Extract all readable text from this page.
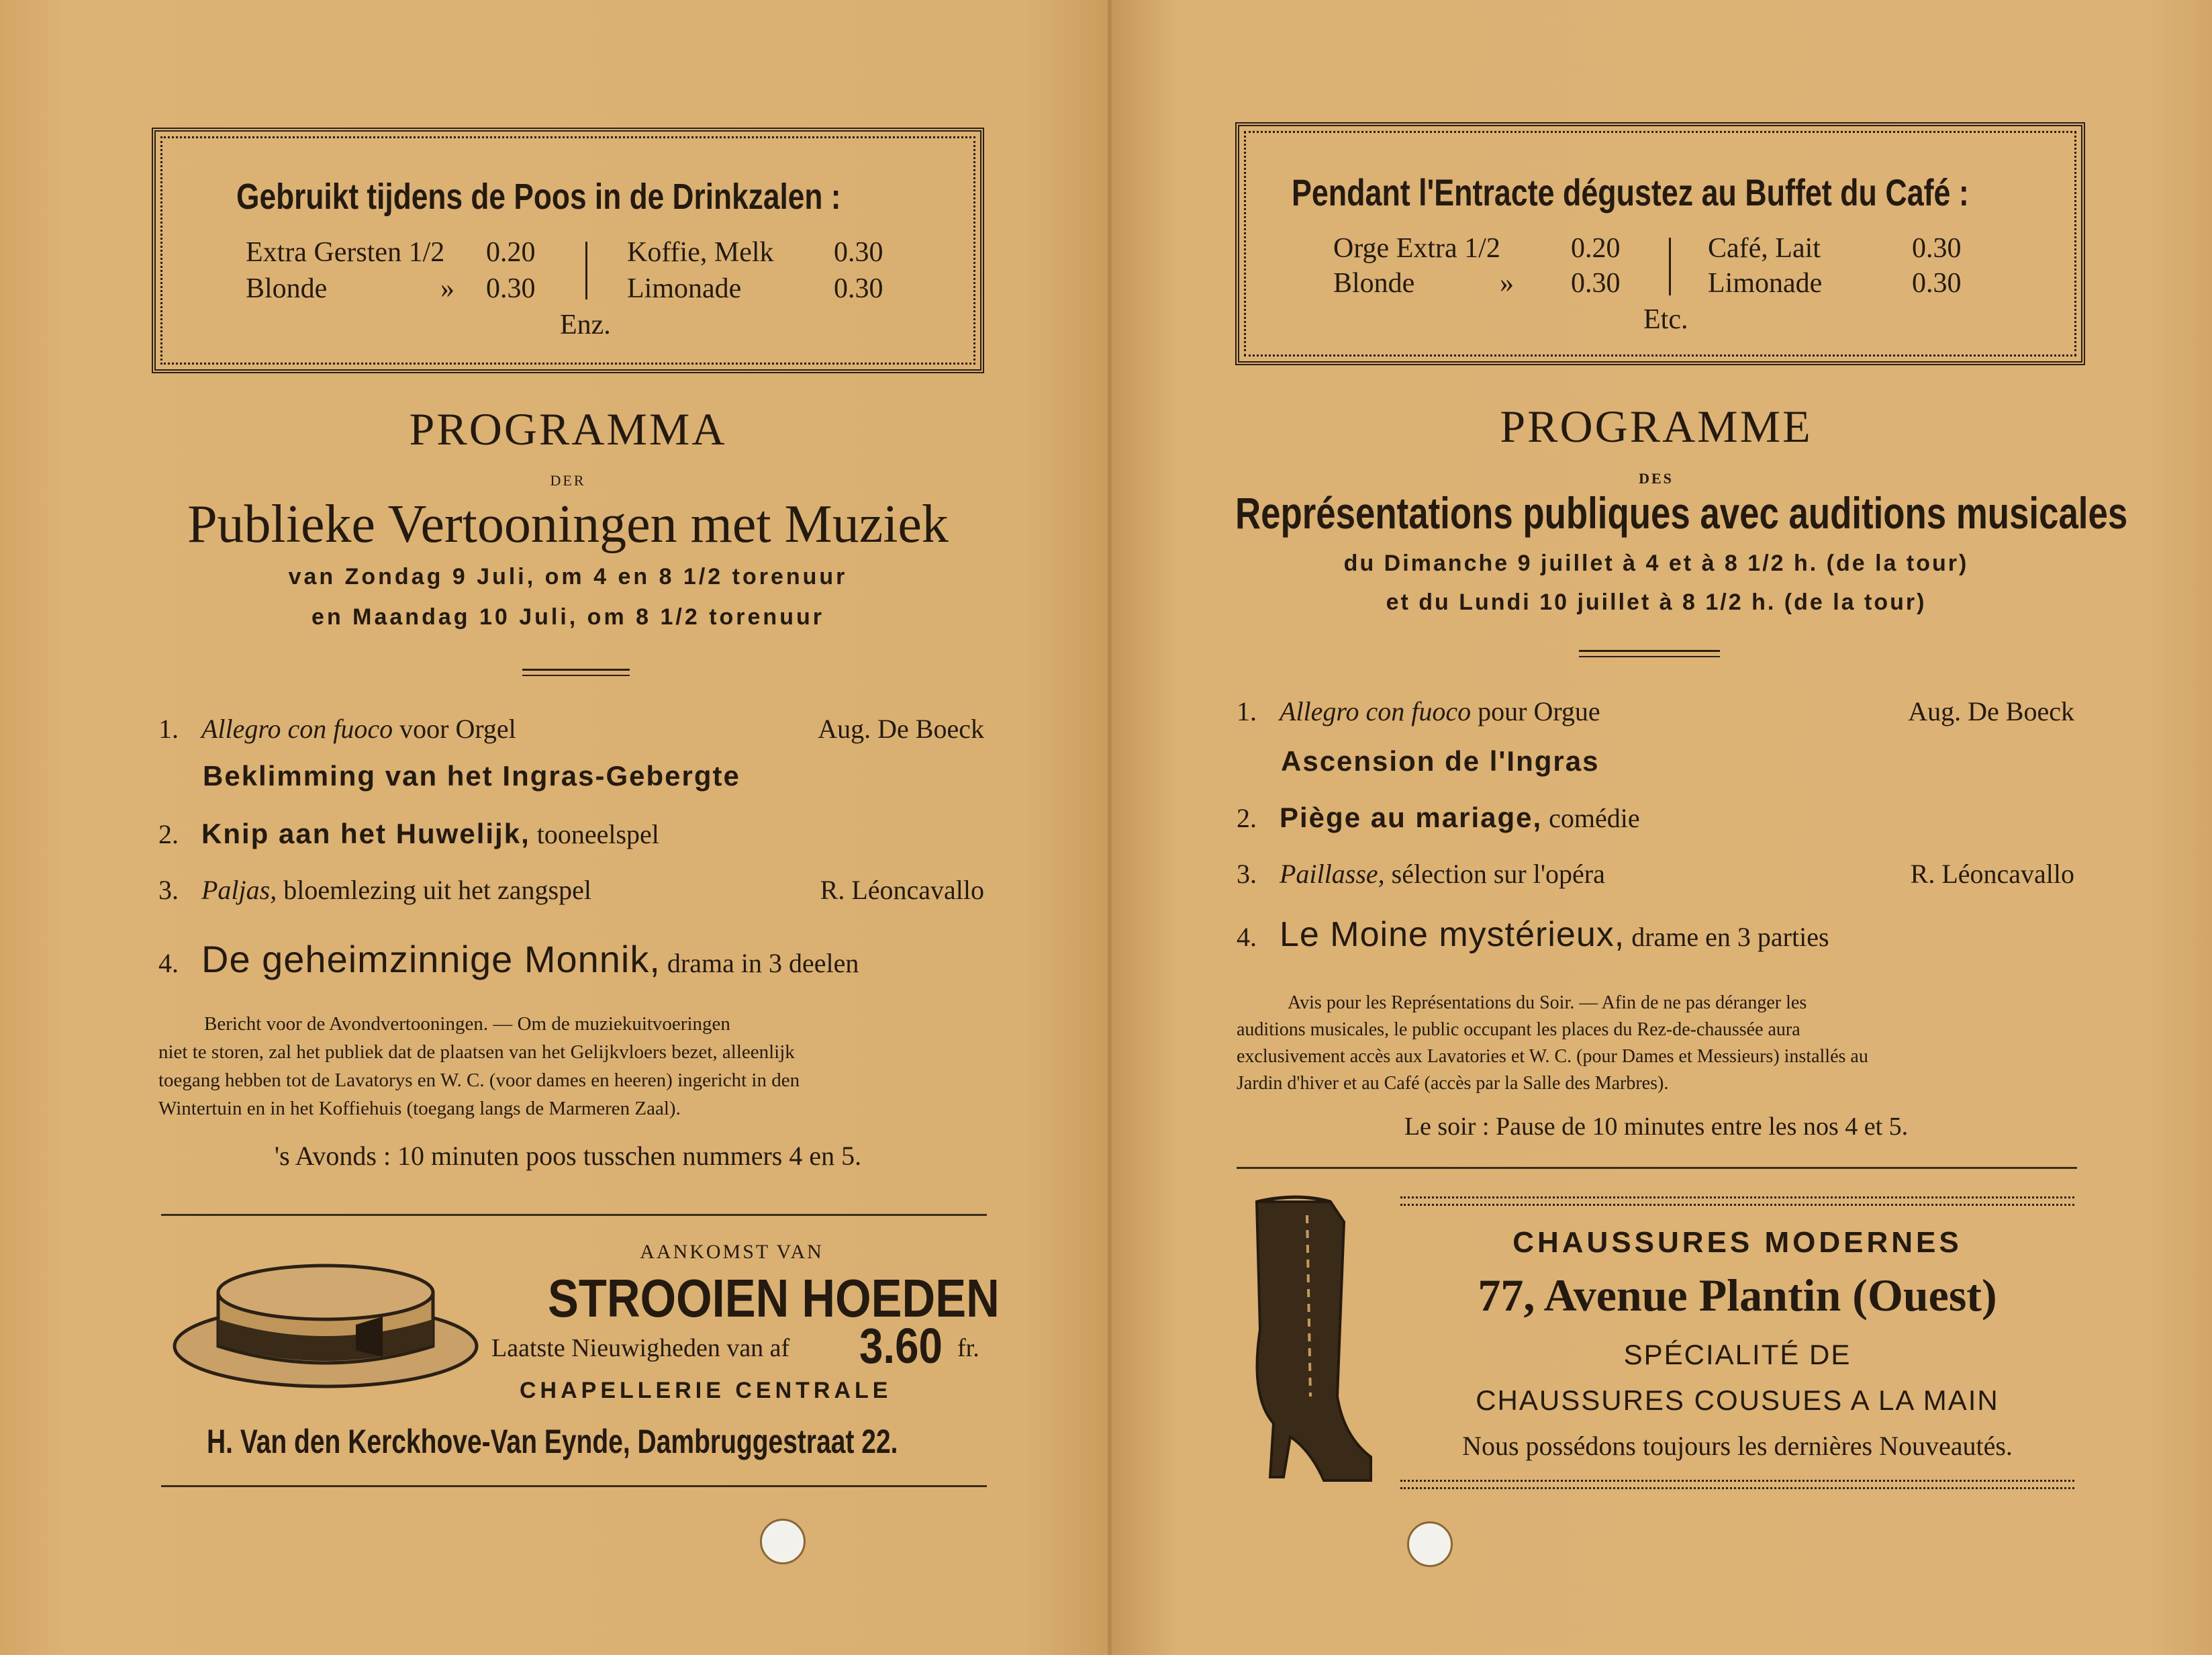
Gebruikt tijdens de Poos in de Drinkzalen :
Extra Gersten 1/2 0.20	Koffie, Melk 0.30
Blonde	» 0.30	Limonade	0.30
Enz.
PROGRAMMA
DER
Publieke Vertooningen met Muziek
van Zondag 9 Juli, om 4 en 8 1/2 torenuur
en Maandag 10 Juli, om 8 1/2 torenuur
1. Allegro con fuoco voor Orgel	Aug. De Boeck
Beklimming van het Ingras-Gebergte
2. Knip aan het Huwelijk, tooneelspel
3. Paljas, bloemlezing uit het zangspel	R. Léoncavallo
4. De geheimzinnige Monnik, drama in 3 deelen
Bericht voor de Avondvertooningen. — Om de muziekuitvoeringen
niet te storen, zal het publiek dat de plaatsen van het Gelijkvloers bezet, alleenlijk
toegang hebben tot de Lavatorys en W. C. (voor dames en heeren) ingericht in den
Wintertuin en in het Koffiehuis (toegang langs de Marmeren Zaal).
's Avonds : 10 minuten poos tusschen nummers 4 en 5.
AANKOMST VAN
STROOIEN HOEDEN
Laatste Nieuwigheden van af 3.60 fr.
CHAPELLERIE CENTRALE
H. Van den Kerckhove-Van Eynde, Dambruggestraat 22.
Pendant l'Entracte dégustez au Buffet du Café :
Orge Extra 1/2	0.20	Café, Lait	0.30
Blonde	» 0.30	Limonade	0.30
Etc.
PROGRAMME
DES
Représentations publiques avec auditions musicales
du Dimanche 9 juillet à 4 et à 8 1/2 h. (de la tour)
et du Lundi 10 juillet à 8 1/2 h. (de la tour)
1. Allegro con fuoco pour Orgue	Aug. De Boeck
Ascension de l'Ingras
2. Piège au mariage, comédie
3. Paillasse, sélection sur l'opéra	R. Léoncavallo
4. Le Moine mystérieux, drame en 3 parties
Avis pour les Représentations du Soir. — Afin de ne pas déranger les
auditions musicales, le public occupant les places du Rez-de-chaussée aura
exclusivement accès aux Lavatories et W. C. (pour Dames et Messieurs) installés au
Jardin d'hiver et au Café (accès par la Salle des Marbres).
Le soir : Pause de 10 minutes entre les nos 4 et 5.
CHAUSSURES MODERNES
77, Avenue Plantin (Ouest)
SPÉCIALITÉ DE
CHAUSSURES COUSUES A LA MAIN
Nous possédons toujours les dernières Nouveautés.
